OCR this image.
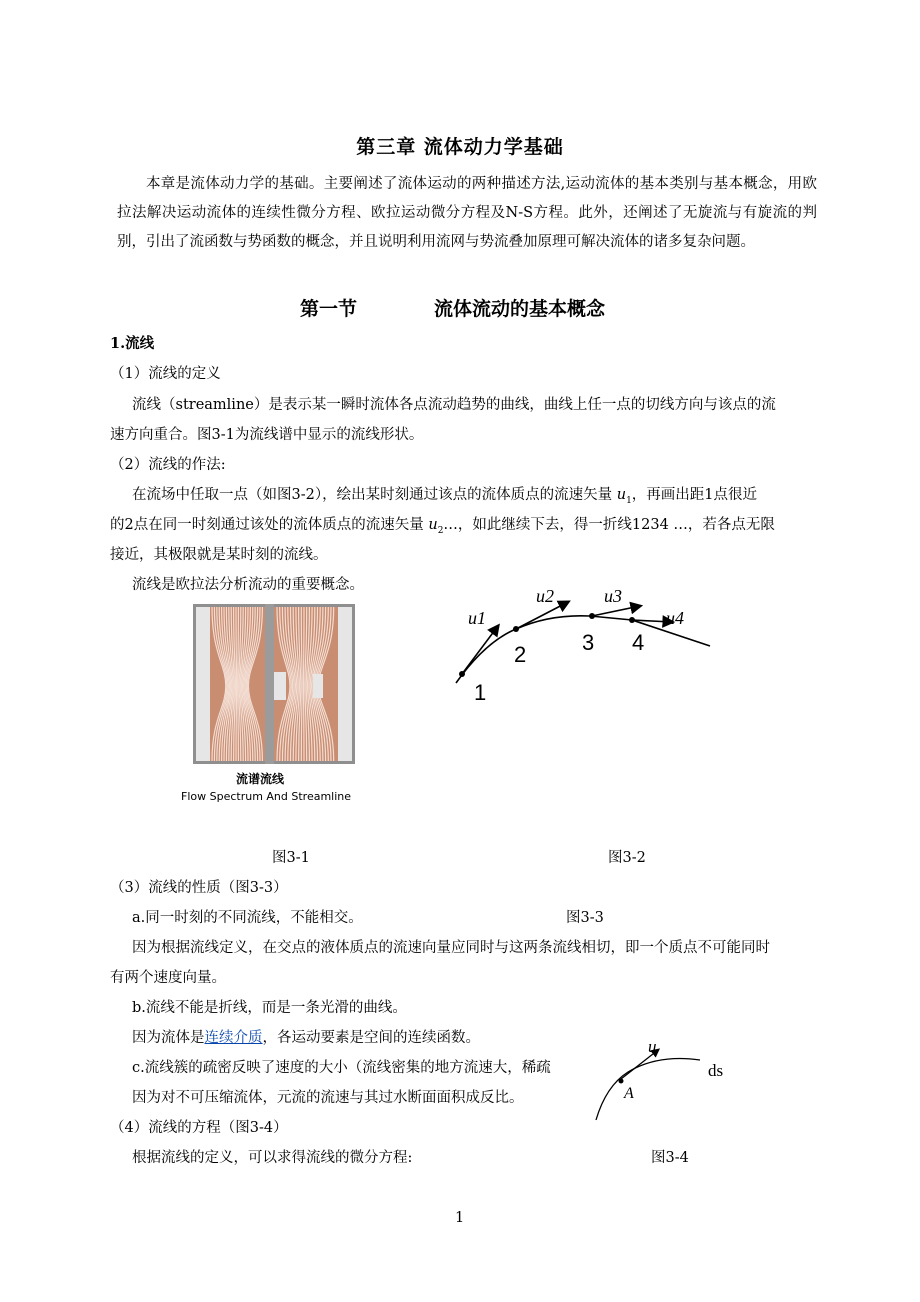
第三章 流体动力学基础
本章是流体动力学的基础。主要阐述了流体运动的两种描述方法,运动流体的基本类别与基本概念，用欧拉法解决运动流体的连续性微分方程、欧拉运动微分方程及N-S方程。此外，还阐述了无旋流与有旋流的判别，引出了流函数与势函数的概念，并且说明利用流网与势流叠加原理可解决流体的诸多复杂问题。
第一节	流体流动的基本概念
1.流线
（1）流线的定义
流线（streamline）是表示某一瞬时流体各点流动趋势的曲线，曲线上任一点的切线方向与该点的流
速方向重合。图3-1为流线谱中显示的流线形状。
（2）流线的作法:
在流场中任取一点（如图3-2），绘出某时刻通过该点的流体质点的流速矢量 $u_1$，再画出距1点很近
的2点在同一时刻通过该处的流体质点的流速矢量 $u_2\dots$，如此继续下去，得一折线1234 …，若各点无限
接近，其极限就是某时刻的流线。
流线是欧拉法分析流动的重要概念。
流谱流线
Flow Spectrum And Streamline
u1
u2	u3
u4
1
2	3 4
图3-1	图3-2
（3）流线的性质（图3-3）
a.同一时刻的不同流线，不能相交。	图3-3
因为根据流线定义，在交点的液体质点的流速向量应同时与这两条流线相切，即一个质点不可能同时
有两个速度向量。
b.流线不能是折线，而是一条光滑的曲线。
因为流体是连续介质，各运动要素是空间的连续函数。
c.流线簇的疏密反映了速度的大小（流线密集的地方流速大，稀疏
因为对不可压缩流体，元流的流速与其过水断面面积成反比。
u
ds
A
（4）流线的方程（图3-4）
根据流线的定义，可以求得流线的微分方程:	图3-4
1
